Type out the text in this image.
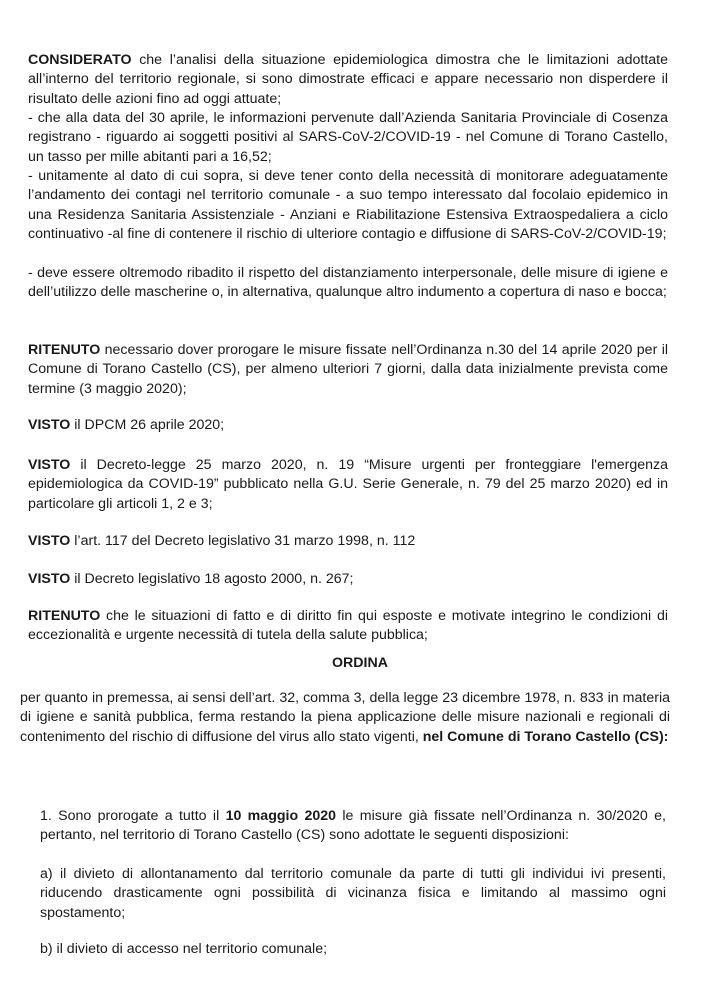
CONSIDERATO che l’analisi della situazione epidemiologica dimostra che le limitazioni adottate all’interno del territorio regionale, si sono dimostrate efficaci e appare necessario non disperdere il risultato delle azioni fino ad oggi attuate;

- che alla data del 30 aprile, le informazioni pervenute dall’Azienda Sanitaria Provinciale di Cosenza registrano - riguardo ai soggetti positivi al SARS-CoV-2/COVID-19 - nel Comune di Torano Castello, un tasso per mille abitanti pari a 16,52;

- unitamente al dato di cui sopra, si deve tener conto della necessità di monitorare adeguatamente l’andamento dei contagi nel territorio comunale - a suo tempo interessato dal focolaio epidemico in una Residenza Sanitaria Assistenziale - Anziani e Riabilitazione Estensiva Extraospedaliera a ciclo continuativo -al fine di contenere il rischio di ulteriore contagio e diffusione di SARS-CoV-2/COVID-19;

- deve essere oltremodo ribadito il rispetto del distanziamento interpersonale, delle misure di igiene e dell’utilizzo delle mascherine o, in alternativa, qualunque altro indumento a copertura di naso e bocca;

RITENUTO necessario dover prorogare le misure fissate nell’Ordinanza n.30 del 14 aprile 2020 per il Comune di Torano Castello (CS), per almeno ulteriori 7 giorni, dalla data inizialmente prevista come termine (3 maggio 2020);

VISTO il DPCM 26 aprile 2020;

VISTO il Decreto-legge 25 marzo 2020, n. 19 “Misure urgenti per fronteggiare l'emergenza epidemiologica da COVID-19” pubblicato nella G.U. Serie Generale, n. 79 del 25 marzo 2020) ed in particolare gli articoli 1, 2 e 3;

VISTO l’art. 117 del Decreto legislativo 31 marzo 1998, n. 112

VISTO il Decreto legislativo 18 agosto 2000, n. 267;

RITENUTO che le situazioni di fatto e di diritto fin qui esposte e motivate integrino le condizioni di eccezionalità e urgente necessità di tutela della salute pubblica;

ORDINA

per quanto in premessa, ai sensi dell’art. 32, comma 3, della legge 23 dicembre 1978, n. 833 in materia di igiene e sanità pubblica, ferma restando la piena applicazione delle misure nazionali e regionali di contenimento del rischio di diffusione del virus allo stato vigenti, nel Comune di Torano Castello (CS):

1. Sono prorogate a tutto il 10 maggio 2020 le misure già fissate nell’Ordinanza n. 30/2020 e, pertanto, nel territorio di Torano Castello (CS) sono adottate le seguenti disposizioni:

a) il divieto di allontanamento dal territorio comunale da parte di tutti gli individui ivi presenti, riducendo drasticamente ogni possibilità di vicinanza fisica e limitando al massimo ogni spostamento;

b) il divieto di accesso nel territorio comunale;
